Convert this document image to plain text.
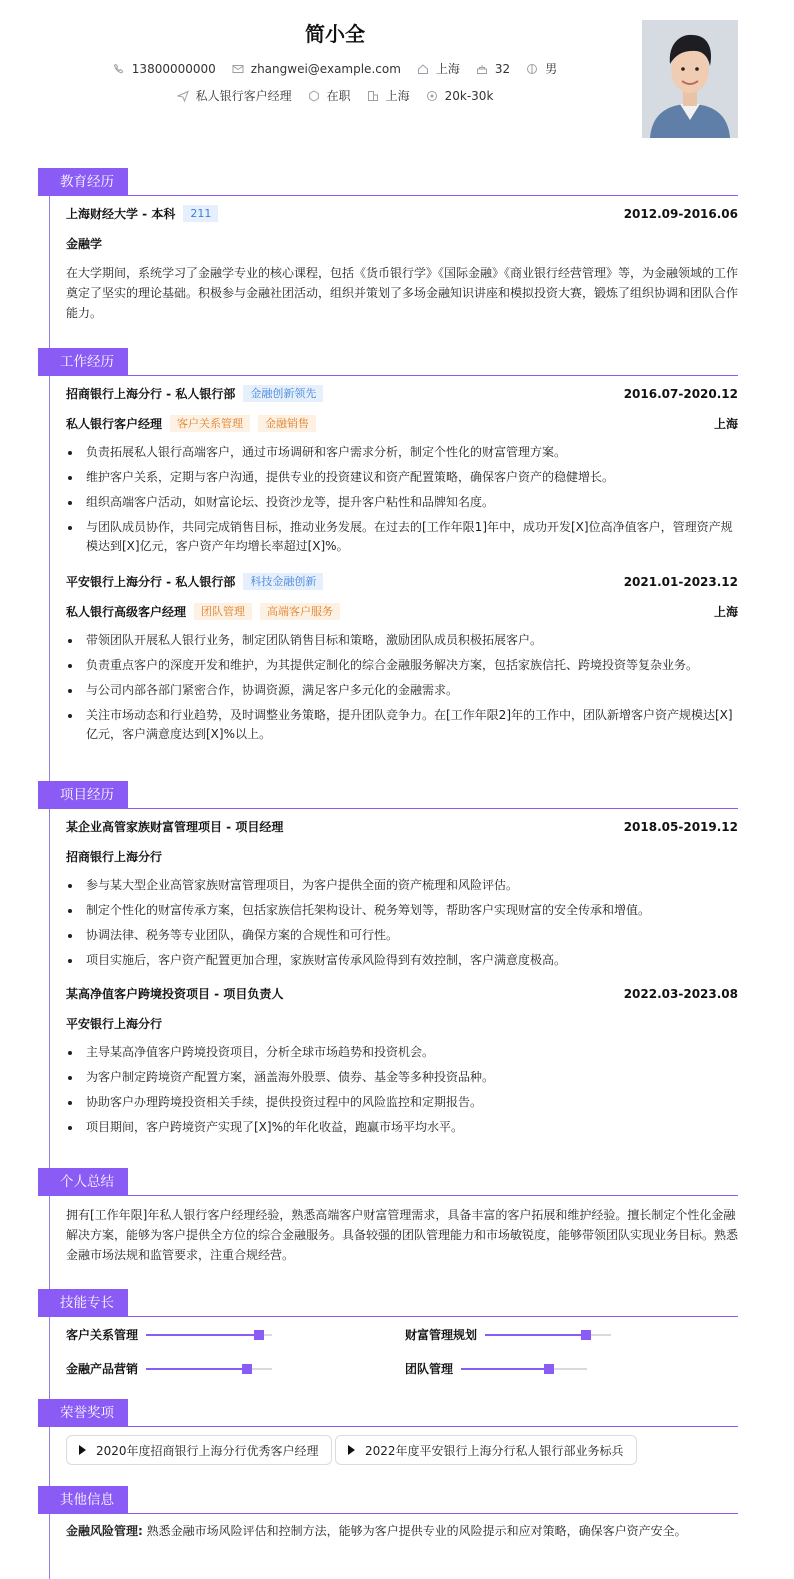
简小全
13800000000	zhangwei@example.com	上海	32	男
私人银行客户经理	在职	上海	20k-30k
教育经历
上海财经大学 - 本科	211	2012.09-2016.06
金融学
在大学期间，系统学习了金融学专业的核心课程，包括《货币银行学》《国际金融》《商业银行经营管理》等，为金融领域的工作奠定了坚实的理论基础。积极参与金融社团活动，组织并策划了多场金融知识讲座和模拟投资大赛，锻炼了组织协调和团队合作能力。
工作经历
招商银行上海分行 - 私人银行部	金融创新领先	2016.07-2020.12
私人银行客户经理	客户关系管理	金融销售	上海
负责拓展私人银行高端客户，通过市场调研和客户需求分析，制定个性化的财富管理方案。
维护客户关系，定期与客户沟通，提供专业的投资建议和资产配置策略，确保客户资产的稳健增长。
组织高端客户活动，如财富论坛、投资沙龙等，提升客户粘性和品牌知名度。
与团队成员协作，共同完成销售目标，推动业务发展。在过去的[工作年限1]年中，成功开发[X]位高净值客户，管理资产规模达到[X]亿元，客户资产年均增长率超过[X]%。
平安银行上海分行 - 私人银行部	科技金融创新	2021.01-2023.12
私人银行高级客户经理	团队管理	高端客户服务	上海
带领团队开展私人银行业务，制定团队销售目标和策略，激励团队成员积极拓展客户。
负责重点客户的深度开发和维护，为其提供定制化的综合金融服务解决方案，包括家族信托、跨境投资等复杂业务。
与公司内部各部门紧密合作，协调资源，满足客户多元化的金融需求。
关注市场动态和行业趋势，及时调整业务策略，提升团队竞争力。在[工作年限2]年的工作中，团队新增客户资产规模达[X]亿元，客户满意度达到[X]%以上。
项目经历
某企业高管家族财富管理项目 - 项目经理	2018.05-2019.12
招商银行上海分行
参与某大型企业高管家族财富管理项目，为客户提供全面的资产梳理和风险评估。
制定个性化的财富传承方案，包括家族信托架构设计、税务筹划等，帮助客户实现财富的安全传承和增值。
协调法律、税务等专业团队，确保方案的合规性和可行性。
项目实施后，客户资产配置更加合理，家族财富传承风险得到有效控制，客户满意度极高。
某高净值客户跨境投资项目 - 项目负责人	2022.03-2023.08
平安银行上海分行
主导某高净值客户跨境投资项目，分析全球市场趋势和投资机会。
为客户制定跨境资产配置方案，涵盖海外股票、债券、基金等多种投资品种。
协助客户办理跨境投资相关手续，提供投资过程中的风险监控和定期报告。
项目期间，客户跨境资产实现了[X]%的年化收益，跑赢市场平均水平。
个人总结
拥有[工作年限]年私人银行客户经理经验，熟悉高端客户财富管理需求，具备丰富的客户拓展和维护经验。擅长制定个性化金融解决方案，能够为客户提供全方位的综合金融服务。具备较强的团队管理能力和市场敏锐度，能够带领团队实现业务目标。熟悉金融市场法规和监管要求，注重合规经营。
技能专长
客户关系管理	财富管理规划
金融产品营销	团队管理
荣誉奖项
2020年度招商银行上海分行优秀客户经理	2022年度平安银行上海分行私人银行部业务标兵
其他信息
金融风险管理: 熟悉金融市场风险评估和控制方法，能够为客户提供专业的风险提示和应对策略，确保客户资产安全。
